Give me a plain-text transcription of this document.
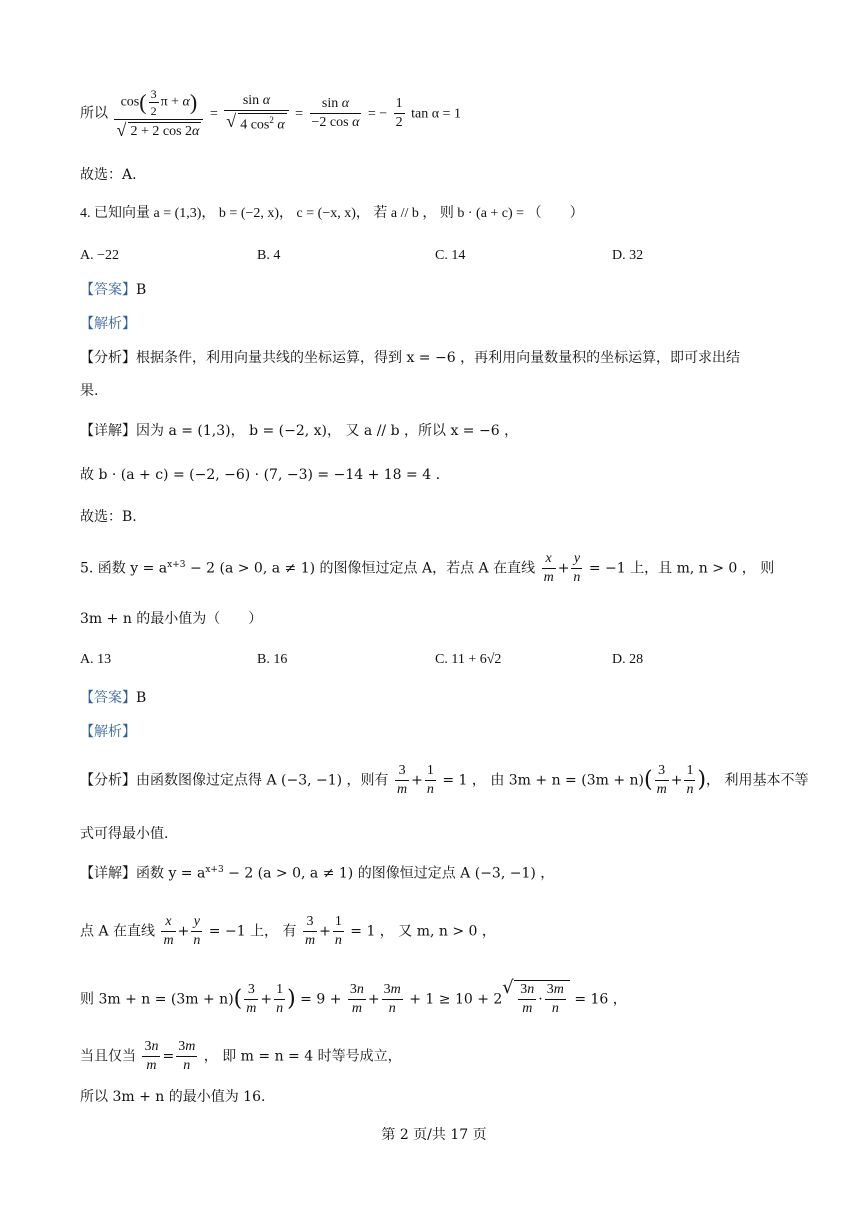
所以 $\cos( \frac{3}{2}$ π + α)
√ 2 + 2 cos 2α = sin α
√ 4 $\cos^2 \alpha = \frac{\text{sin α}}{\text{−2 cos α}}$ = − $\frac{1}{2}$ tan α = 1
故选：A.
4. 已知向量 a = (1,3)， b = (−2, x)， c = (−x, x)， 若 a // b ， 则 b · (a + c) = （　　）
A. −22	B. 4	C. 14	D. 32
【答案】B
【解析】
【分析】根据条件，利用向量共线的坐标运算，得到 x = −6 ，再利用向量数量积的坐标运算，即可求出结
果.
【详解】因为 a = (1,3)， b = (−2, x)， 又 a // b ，所以 x = −6 ，
故 b · (a + c) = (−2, −6) · (7, −3) = −14 + 18 = 4 .
故选：B.
5. 函数 $y = a^{x+3} - 2$ (a > 0, a ≠ 1) 的图像恒过定点 A，若点 A 在直线 $\frac{x}{m} + \frac{y}{n} = -1$ 上，且 m, n > 0 ， 则
3m + n 的最小值为（　　）
A. 13	B. 16	C. 11 + 6√2	D. 28
【答案】B
【解析】
【分析】由函数图像过定点得 A (−3, −1) ，则有 $\frac{3}{m} + \frac{1}{n} = 1$ ， 由 $3m + n = (3m + n)( \frac{3}{m} + \frac{1}{n}$ )， 利用基本不等
式可得最小值.
【详解】函数 $y = a^{x+3} - 2$ (a > 0, a ≠ 1) 的图像恒过定点 A (−3, −1) ，
点 A 在直线 $\frac{x}{m} + \frac{y}{n} = -1$ 上， 有 $\frac{3}{m} + \frac{1}{n} = 1$ ， 又 m, n > 0 ，
则 $3m + n = (3m + n)( \frac{3}{m} + \frac{1}{n}$ ) = $9 + \frac{3n}{m} + \frac{3m}{n} + 1 \ge 10 + 2$
√ $\frac{3n}{m} \cdot \frac{3m}{n} = 16$ ，
当且仅当 $\frac{3n}{m} = \frac{3m}{n}$ ， 即 m = n = 4 时等号成立，
所以 3m + n 的最小值为 16.
第 2 页/共 17 页
